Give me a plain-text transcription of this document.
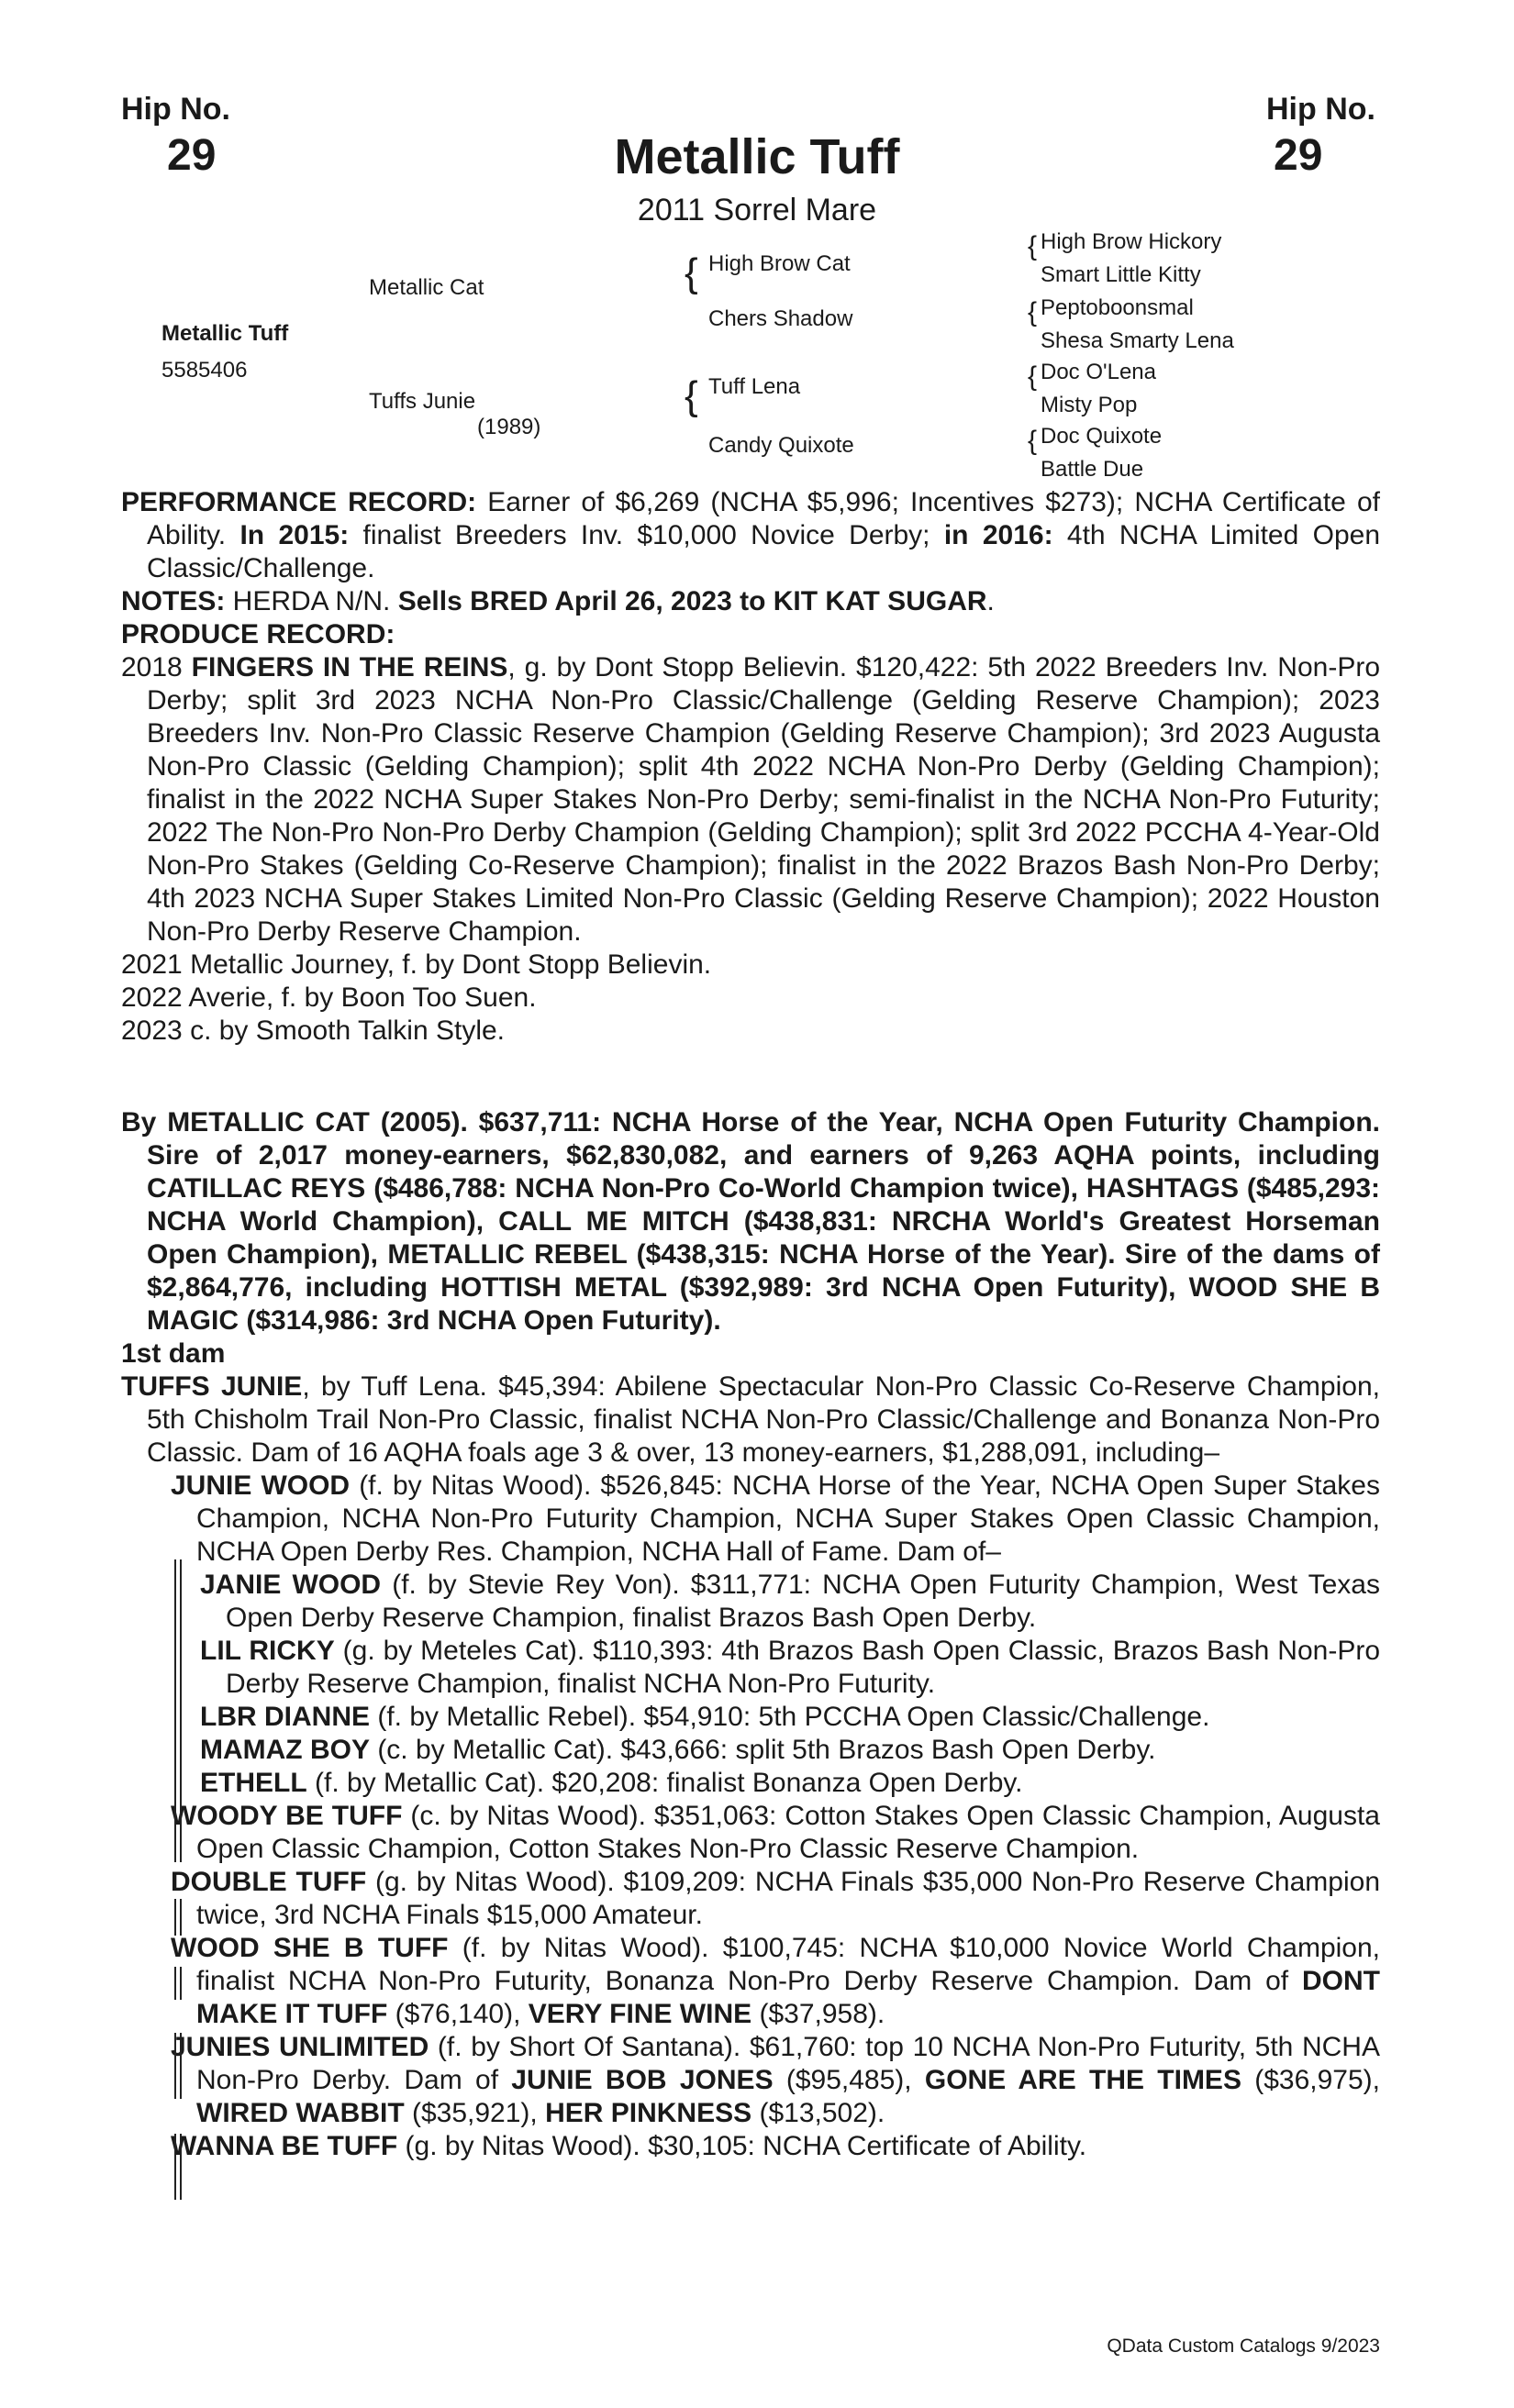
Hip No.
29
Hip No.
29
Metallic Tuff
2011 Sorrel Mare
Metallic Tuff
5585406
Metallic Cat
Tuffs Junie
(1989)
{ High Brow Cat
Chers Shadow
{ Tuff Lena
Candy Quixote
{ High Brow Hickory
Smart Little Kitty
{ Peptoboonsmal
Shesa Smarty Lena
{ Doc O'Lena
Misty Pop
{ Doc Quixote
Battle Due

PERFORMANCE RECORD: Earner of $6,269 (NCHA $5,996; Incentives $273); NCHA Certificate of Ability. In 2015: finalist Breeders Inv. $10,000 Novice Derby; in 2016: 4th NCHA Limited Open Classic/Challenge.

NOTES: HERDA N/N. Sells BRED April 26, 2023 to KIT KAT SUGAR.

PRODUCE RECORD:

2018 FINGERS IN THE REINS, g. by Dont Stopp Believin. $120,422: 5th 2022 Breeders Inv. Non-Pro Derby; split 3rd 2023 NCHA Non-Pro Classic/Challenge (Gelding Reserve Champion); 2023 Breeders Inv. Non-Pro Classic Reserve Champion (Gelding Reserve Champion); 3rd 2023 Augusta Non-Pro Classic (Gelding Champion); split 4th 2022 NCHA Non-Pro Derby (Gelding Champion); finalist in the 2022 NCHA Super Stakes Non-Pro Derby; semi-finalist in the NCHA Non-Pro Futurity; 2022 The Non-Pro Non-Pro Derby Champion (Gelding Champion); split 3rd 2022 PCCHA 4-Year-Old Non-Pro Stakes (Gelding Co-Reserve Champion); finalist in the 2022 Brazos Bash Non-Pro Derby; 4th 2023 NCHA Super Stakes Limited Non-Pro Classic (Gelding Reserve Champion); 2022 Houston Non-Pro Derby Reserve Champion.

2021 Metallic Journey, f. by Dont Stopp Believin.

2022 Averie, f. by Boon Too Suen.

2023 c. by Smooth Talkin Style.

By METALLIC CAT (2005). $637,711: NCHA Horse of the Year, NCHA Open Futurity Champion. Sire of 2,017 money-earners, $62,830,082, and earners of 9,263 AQHA points, including CATILLAC REYS ($486,788: NCHA Non-Pro Co-World Champion twice), HASHTAGS ($485,293: NCHA World Champion), CALL ME MITCH ($438,831: NRCHA World's Greatest Horseman Open Champion), METALLIC REBEL ($438,315: NCHA Horse of the Year). Sire of the dams of $2,864,776, including HOTTISH METAL ($392,989: 3rd NCHA Open Futurity), WOOD SHE B MAGIC ($314,986: 3rd NCHA Open Futurity).

1st dam

TUFFS JUNIE, by Tuff Lena. $45,394: Abilene Spectacular Non-Pro Classic Co-Reserve Champion, 5th Chisholm Trail Non-Pro Classic, finalist NCHA Non-Pro Classic/Challenge and Bonanza Non-Pro Classic. Dam of 16 AQHA foals age 3 & over, 13 money-earners, $1,288,091, including–

JUNIE WOOD (f. by Nitas Wood). $526,845: NCHA Horse of the Year, NCHA Open Super Stakes Champion, NCHA Non-Pro Futurity Champion, NCHA Super Stakes Open Classic Champion, NCHA Open Derby Res. Champion, NCHA Hall of Fame. Dam of–

JANIE WOOD (f. by Stevie Rey Von). $311,771: NCHA Open Futurity Champion, West Texas Open Derby Reserve Champion, finalist Brazos Bash Open Derby.

LIL RICKY (g. by Meteles Cat). $110,393: 4th Brazos Bash Open Classic, Brazos Bash Non-Pro Derby Reserve Champion, finalist NCHA Non-Pro Futurity.

LBR DIANNE (f. by Metallic Rebel). $54,910: 5th PCCHA Open Classic/Challenge.

MAMAZ BOY (c. by Metallic Cat). $43,666: split 5th Brazos Bash Open Derby.

ETHELL (f. by Metallic Cat). $20,208: finalist Bonanza Open Derby.

WOODY BE TUFF (c. by Nitas Wood). $351,063: Cotton Stakes Open Classic Champion, Augusta Open Classic Champion, Cotton Stakes Non-Pro Classic Reserve Champion.

DOUBLE TUFF (g. by Nitas Wood). $109,209: NCHA Finals $35,000 Non-Pro Reserve Champion twice, 3rd NCHA Finals $15,000 Amateur.

WOOD SHE B TUFF (f. by Nitas Wood). $100,745: NCHA $10,000 Novice World Champion, finalist NCHA Non-Pro Futurity, Bonanza Non-Pro Derby Reserve Champion. Dam of DONT MAKE IT TUFF ($76,140), VERY FINE WINE ($37,958).

JUNIES UNLIMITED (f. by Short Of Santana). $61,760: top 10 NCHA Non-Pro Futurity, 5th NCHA Non-Pro Derby. Dam of JUNIE BOB JONES ($95,485), GONE ARE THE TIMES ($36,975), WIRED WABBIT ($35,921), HER PINKNESS ($13,502).

WANNA BE TUFF (g. by Nitas Wood). $30,105: NCHA Certificate of Ability.

QData Custom Catalogs 9/2023
